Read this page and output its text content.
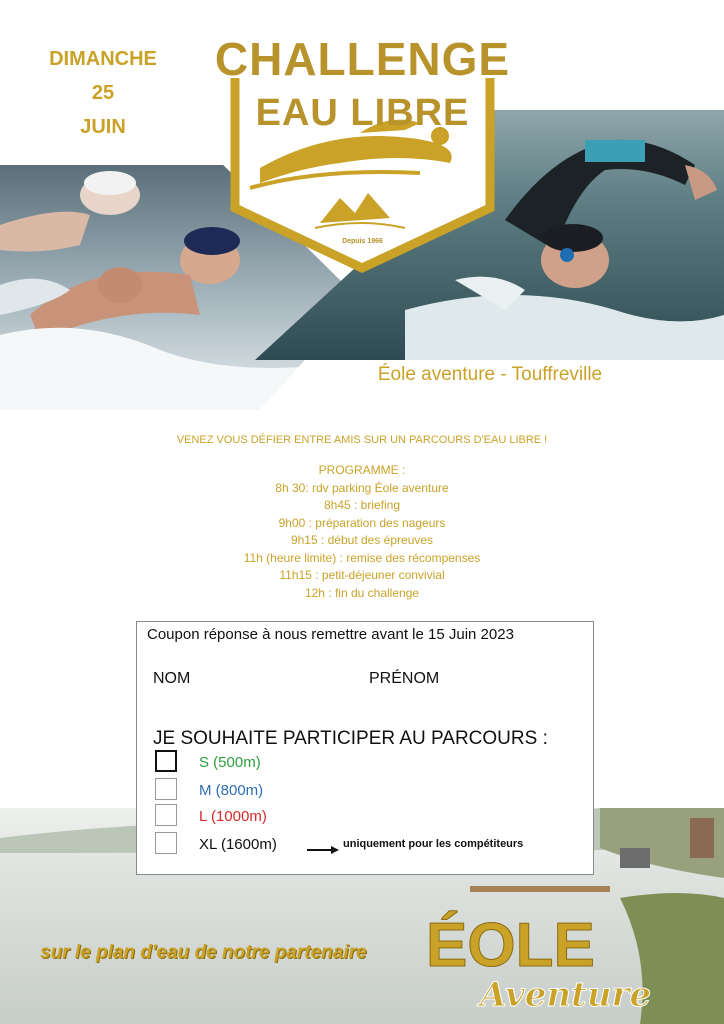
DIMANCHE
25
JUIN
CHALLENGE
EAU LIBRE
Depuis 1966
Éole aventure - Touffreville
VENEZ VOUS DÉFIER ENTRE AMIS SUR UN PARCOURS D'EAU LIBRE !
PROGRAMME :
8h 30: rdv parking Éole aventure
8h45 : briefing
9h00 : préparation des nageurs
9h15 : début des épreuves
11h (heure limite) : remise des récompenses
11h15 : petit-déjeuner convivial
12h : fin du challenge
Coupon réponse à nous remettre avant le 15 Juin 2023
NOM	PRÉNOM
JE SOUHAITE PARTICIPER AU PARCOURS :
S (500m)
M (800m)
L (1000m)
XL (1600m)	uniquement pour les compétiteurs
sur le plan d'eau de notre partenaire ÉOLE
Aventure
